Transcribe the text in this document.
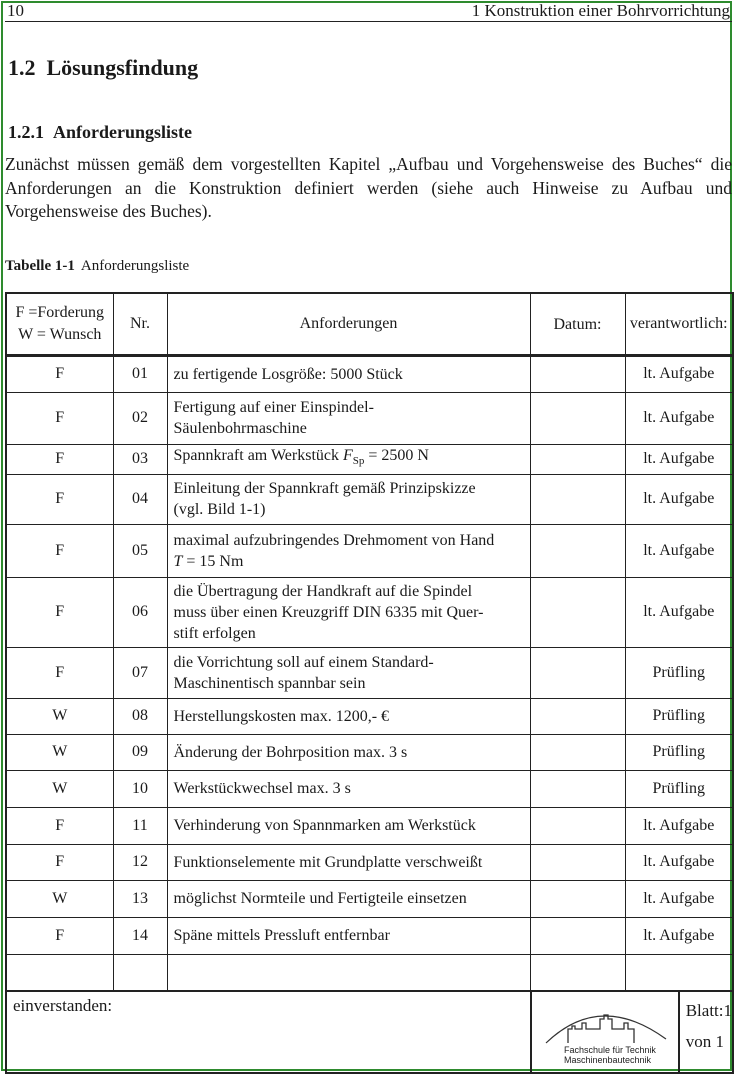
10	1 Konstruktion einer Bohrvorrichtung
1.2 Lösungsfindung
1.2.1 Anforderungsliste

Zunächst müssen gemäß dem vorgestellten Kapitel „Aufbau und Vorgehensweise des Buches“ die Anforderungen an die Konstruktion definiert werden (siehe auch Hinweise zu Aufbau und Vorgehensweise des Buches).

Tabelle 1-1 Anforderungsliste
F =Forderung
W = Wunsch	Nr.	Anforderungen	Datum:	verantwortlich:
F	01	zu fertigende Losgröße: 5000 Stück		lt. Aufgabe
F	02	Fertigung auf einer Einspindel-
Säulenbohrmaschine		lt. Aufgabe
F	03	Spannkraft am Werkstück $F_{Sp} = 2500$ N		lt. Aufgabe
F	04	Einleitung der Spannkraft gemäß Prinzipskizze
(vgl. Bild 1-1)		lt. Aufgabe
F	05	maximal aufzubringendes Drehmoment von Hand
T = 15 Nm		lt. Aufgabe
F	06	die Übertragung der Handkraft auf die Spindel
muss über einen Kreuzgriff DIN 6335 mit Quer-
stift erfolgen		lt. Aufgabe
F	07	die Vorrichtung soll auf einem Standard-
Maschinentisch spannbar sein		Prüfling
W	08	Herstellungskosten max. 1200,- €		Prüfling
W	09	Änderung der Bohrposition max. 3 s		Prüfling
W	10	Werkstückwechsel max. 3 s		Prüfling
F	11	Verhinderung von Spannmarken am Werkstück		lt. Aufgabe
F	12	Funktionselemente mit Grundplatte verschweißt		lt. Aufgabe
W	13	möglichst Normteile und Fertigteile einsetzen		lt. Aufgabe
F	14	Späne mittels Pressluft entfernbar		lt. Aufgabe

einverstanden:			Fachschule für Technik
Maschinenbautechnik
Blatt:1
von 1	
